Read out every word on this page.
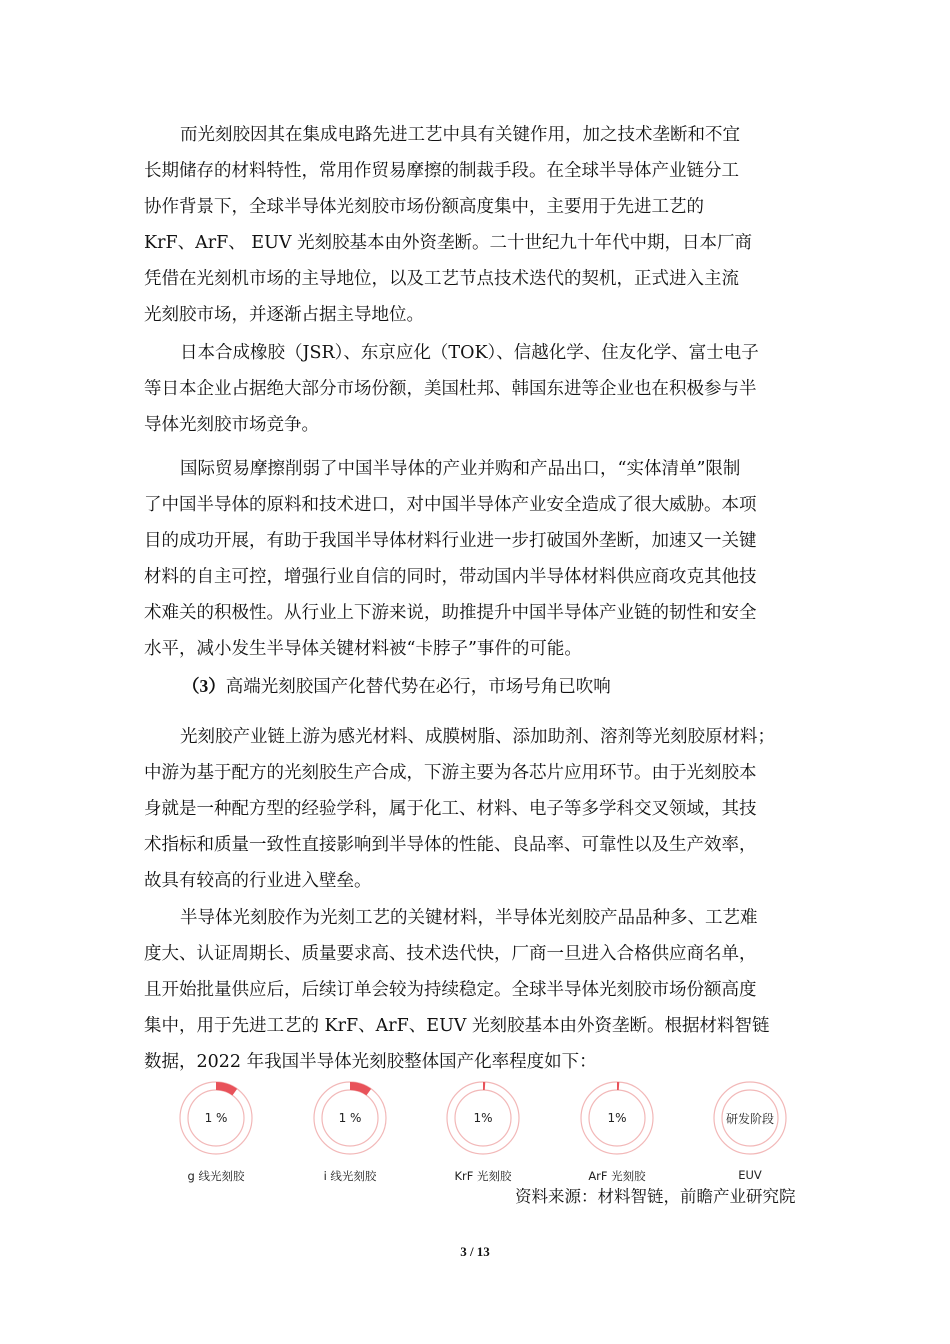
而光刻胶因其在集成电路先进工艺中具有关键作用，加之技术垄断和不宜
长期储存的材料特性，常用作贸易摩擦的制裁手段。在全球半导体产业链分工
协作背景下，全球半导体光刻胶市场份额高度集中，主要用于先进工艺的
KrF、ArF、 EUV 光刻胶基本由外资垄断。二十世纪九十年代中期，日本厂商
凭借在光刻机市场的主导地位，以及工艺节点技术迭代的契机，正式进入主流
光刻胶市场，并逐渐占据主导地位。
日本合成橡胶（JSR）、东京应化（TOK）、信越化学、住友化学、富士电子
等日本企业占据绝大部分市场份额，美国杜邦、韩国东进等企业也在积极参与半
导体光刻胶市场竞争。
国际贸易摩擦削弱了中国半导体的产业并购和产品出口，“实体清单”限制
了中国半导体的原料和技术进口，对中国半导体产业安全造成了很大威胁。本项
目的成功开展，有助于我国半导体材料行业进一步打破国外垄断，加速又一关键
材料的自主可控，增强行业自信的同时，带动国内半导体材料供应商攻克其他技
术难关的积极性。从行业上下游来说，助推提升中国半导体产业链的韧性和安全
水平，减小发生半导体关键材料被“卡脖子”事件的可能。
（3）高端光刻胶国产化替代势在必行，市场号角已吹响
光刻胶产业链上游为感光材料、成膜树脂、添加助剂、溶剂等光刻胶原材料；
中游为基于配方的光刻胶生产合成，下游主要为各芯片应用环节。由于光刻胶本
身就是一种配方型的经验学科，属于化工、材料、电子等多学科交叉领域，其技
术指标和质量一致性直接影响到半导体的性能、良品率、可靠性以及生产效率，
故具有较高的行业进入壁垒。
半导体光刻胶作为光刻工艺的关键材料，半导体光刻胶产品品种多、工艺难
度大、认证周期长、质量要求高、技术迭代快，厂商一旦进入合格供应商名单，
且开始批量供应后，后续订单会较为持续稳定。全球半导体光刻胶市场份额高度
集中，用于先进工艺的 KrF、ArF、EUV 光刻胶基本由外资垄断。根据材料智链
数据，2022 年我国半导体光刻胶整体国产化率程度如下：
1 %
g 线光刻胶
1 %
i 线光刻胶
1%
KrF 光刻胶
1%
ArF 光刻胶
研发阶段
EUV
资料来源：材料智链，前瞻产业研究院
3 / 13
